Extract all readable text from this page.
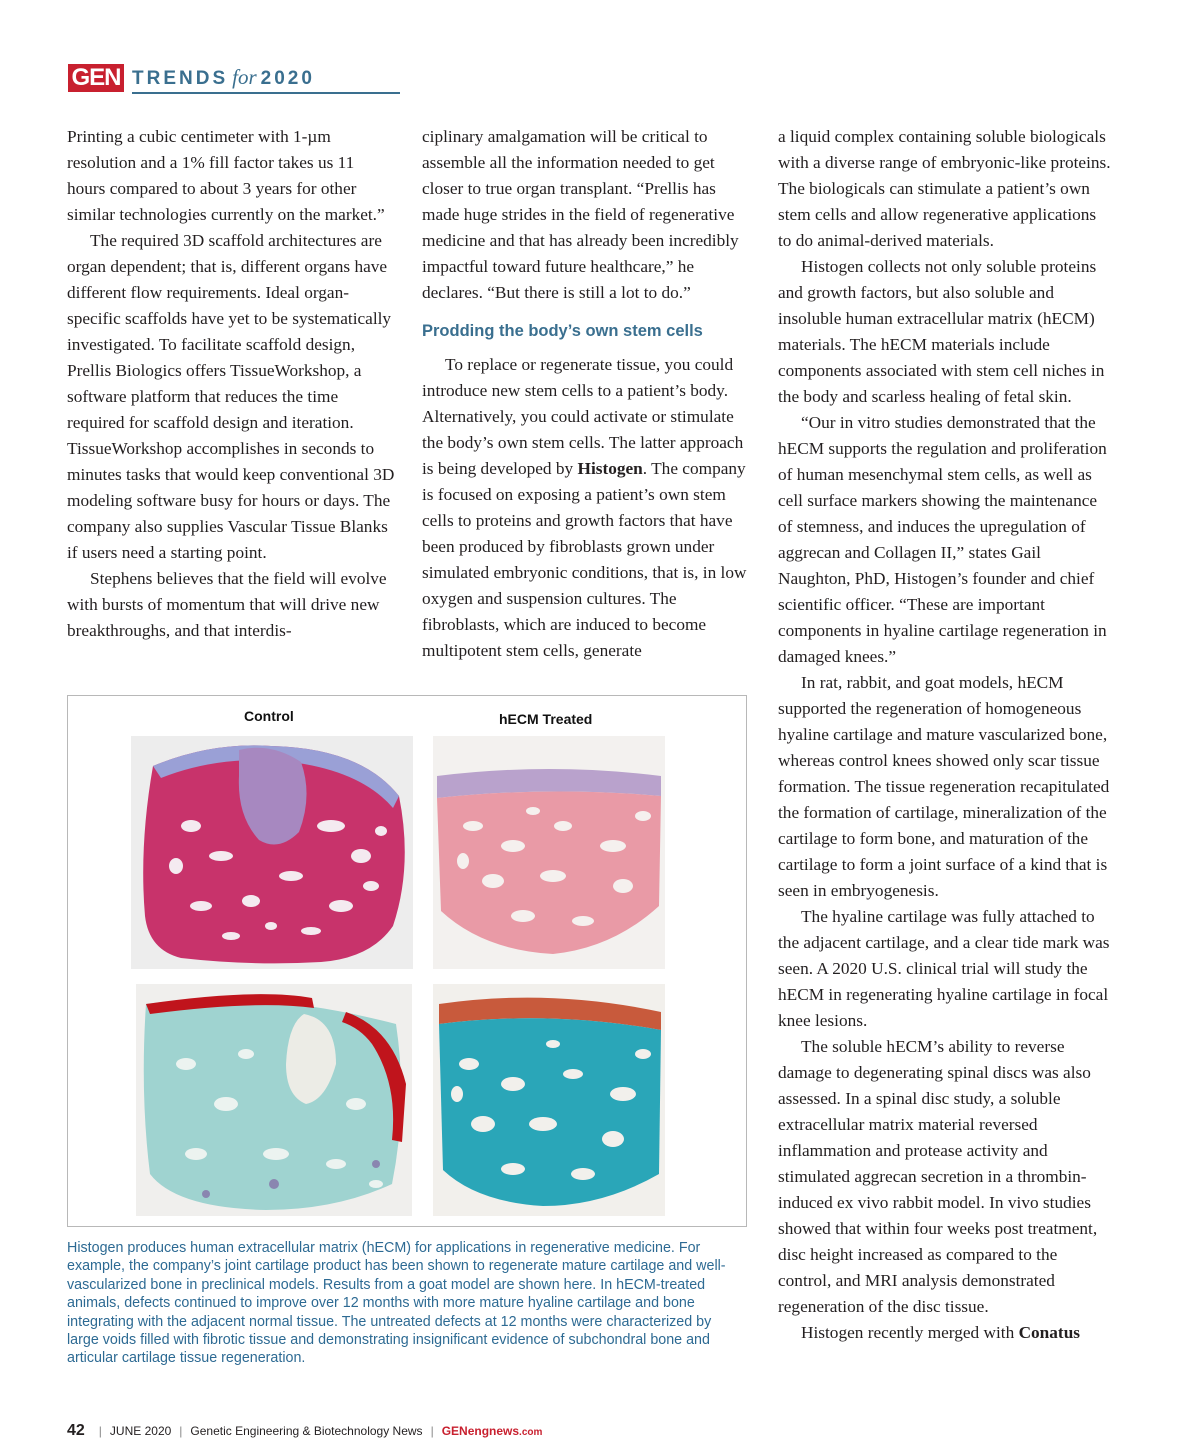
GEN TRENDS for 2020

Printing a cubic centimeter with 1-µm resolution and a 1% fill factor takes us 11 hours compared to about 3 years for other similar technologies currently on the market.”

The required 3D scaffold architectures are organ dependent; that is, different organs have different flow requirements. Ideal organ-specific scaffolds have yet to be systematically investigated. To facilitate scaffold design, Prellis Biologics offers TissueWorkshop, a software platform that reduces the time required for scaffold design and iteration. TissueWorkshop accomplishes in seconds to minutes tasks that would keep conventional 3D modeling software busy for hours or days. The company also supplies Vascular Tissue Blanks if users need a starting point.

Stephens believes that the field will evolve with bursts of momentum that will drive new breakthroughs, and that interdis-

ciplinary amalgamation will be critical to assemble all the information needed to get closer to true organ transplant. “Prellis has made huge strides in the field of regenerative medicine and that has already been incredibly impactful toward future healthcare,” he declares. “But there is still a lot to do.”

Prodding the body’s own stem cells

To replace or regenerate tissue, you could introduce new stem cells to a patient’s body. Alternatively, you could activate or stimulate the body’s own stem cells. The latter approach is being developed by Histogen. The company is focused on exposing a patient’s own stem cells to proteins and growth factors that have been produced by fibroblasts grown under simulated embryonic conditions, that is, in low oxygen and suspension cultures. The fibroblasts, which are induced to become multipotent stem cells, generate

a liquid complex containing soluble biologicals with a diverse range of embryonic-like proteins. The biologicals can stimulate a patient’s own stem cells and allow regenerative applications to do animal-derived materials.

Histogen collects not only soluble proteins and growth factors, but also soluble and insoluble human extracellular matrix (hECM) materials. The hECM materials include components associated with stem cell niches in the body and scarless healing of fetal skin.

“Our in vitro studies demonstrated that the hECM supports the regulation and proliferation of human mesenchymal stem cells, as well as cell surface markers showing the maintenance of stemness, and induces the upregulation of aggrecan and Collagen II,” states Gail Naughton, PhD, Histogen’s founder and chief scientific officer. “These are important components in hyaline cartilage regeneration in damaged knees.”

In rat, rabbit, and goat models, hECM supported the regeneration of homogeneous hyaline cartilage and mature vascularized bone, whereas control knees showed only scar tissue formation. The tissue regeneration recapitulated the formation of cartilage, mineralization of the cartilage to form bone, and maturation of the cartilage to form a joint surface of a kind that is seen in embryogenesis.

The hyaline cartilage was fully attached to the adjacent cartilage, and a clear tide mark was seen. A 2020 U.S. clinical trial will study the hECM in regenerating hyaline cartilage in focal knee lesions.

The soluble hECM’s ability to reverse damage to degenerating spinal discs was also assessed. In a spinal disc study, a soluble extracellular matrix material reversed inflammation and protease activity and stimulated aggrecan secretion in a thrombin-induced ex vivo rabbit model. In vivo studies showed that within four weeks post treatment, disc height increased as compared to the control, and MRI analysis demonstrated regeneration of the disc tissue.

Histogen recently merged with Conatus

Control	hECM Treated
Histogen produces human extracellular matrix (hECM) for applications in regenerative medicine. For example, the company’s joint cartilage product has been shown to regenerate mature cartilage and well-vascularized bone in preclinical models. Results from a goat model are shown here. In hECM-treated animals, defects continued to improve over 12 months with more mature hyaline cartilage and bone integrating with the adjacent normal tissue. The untreated defects at 12 months were characterized by large voids filled with fibrotic tissue and demonstrating insignificant evidence of subchondral bone and articular cartilage tissue regeneration.
42 | JUNE 2020 | Genetic Engineering & Biotechnology News | GENengnews.com
